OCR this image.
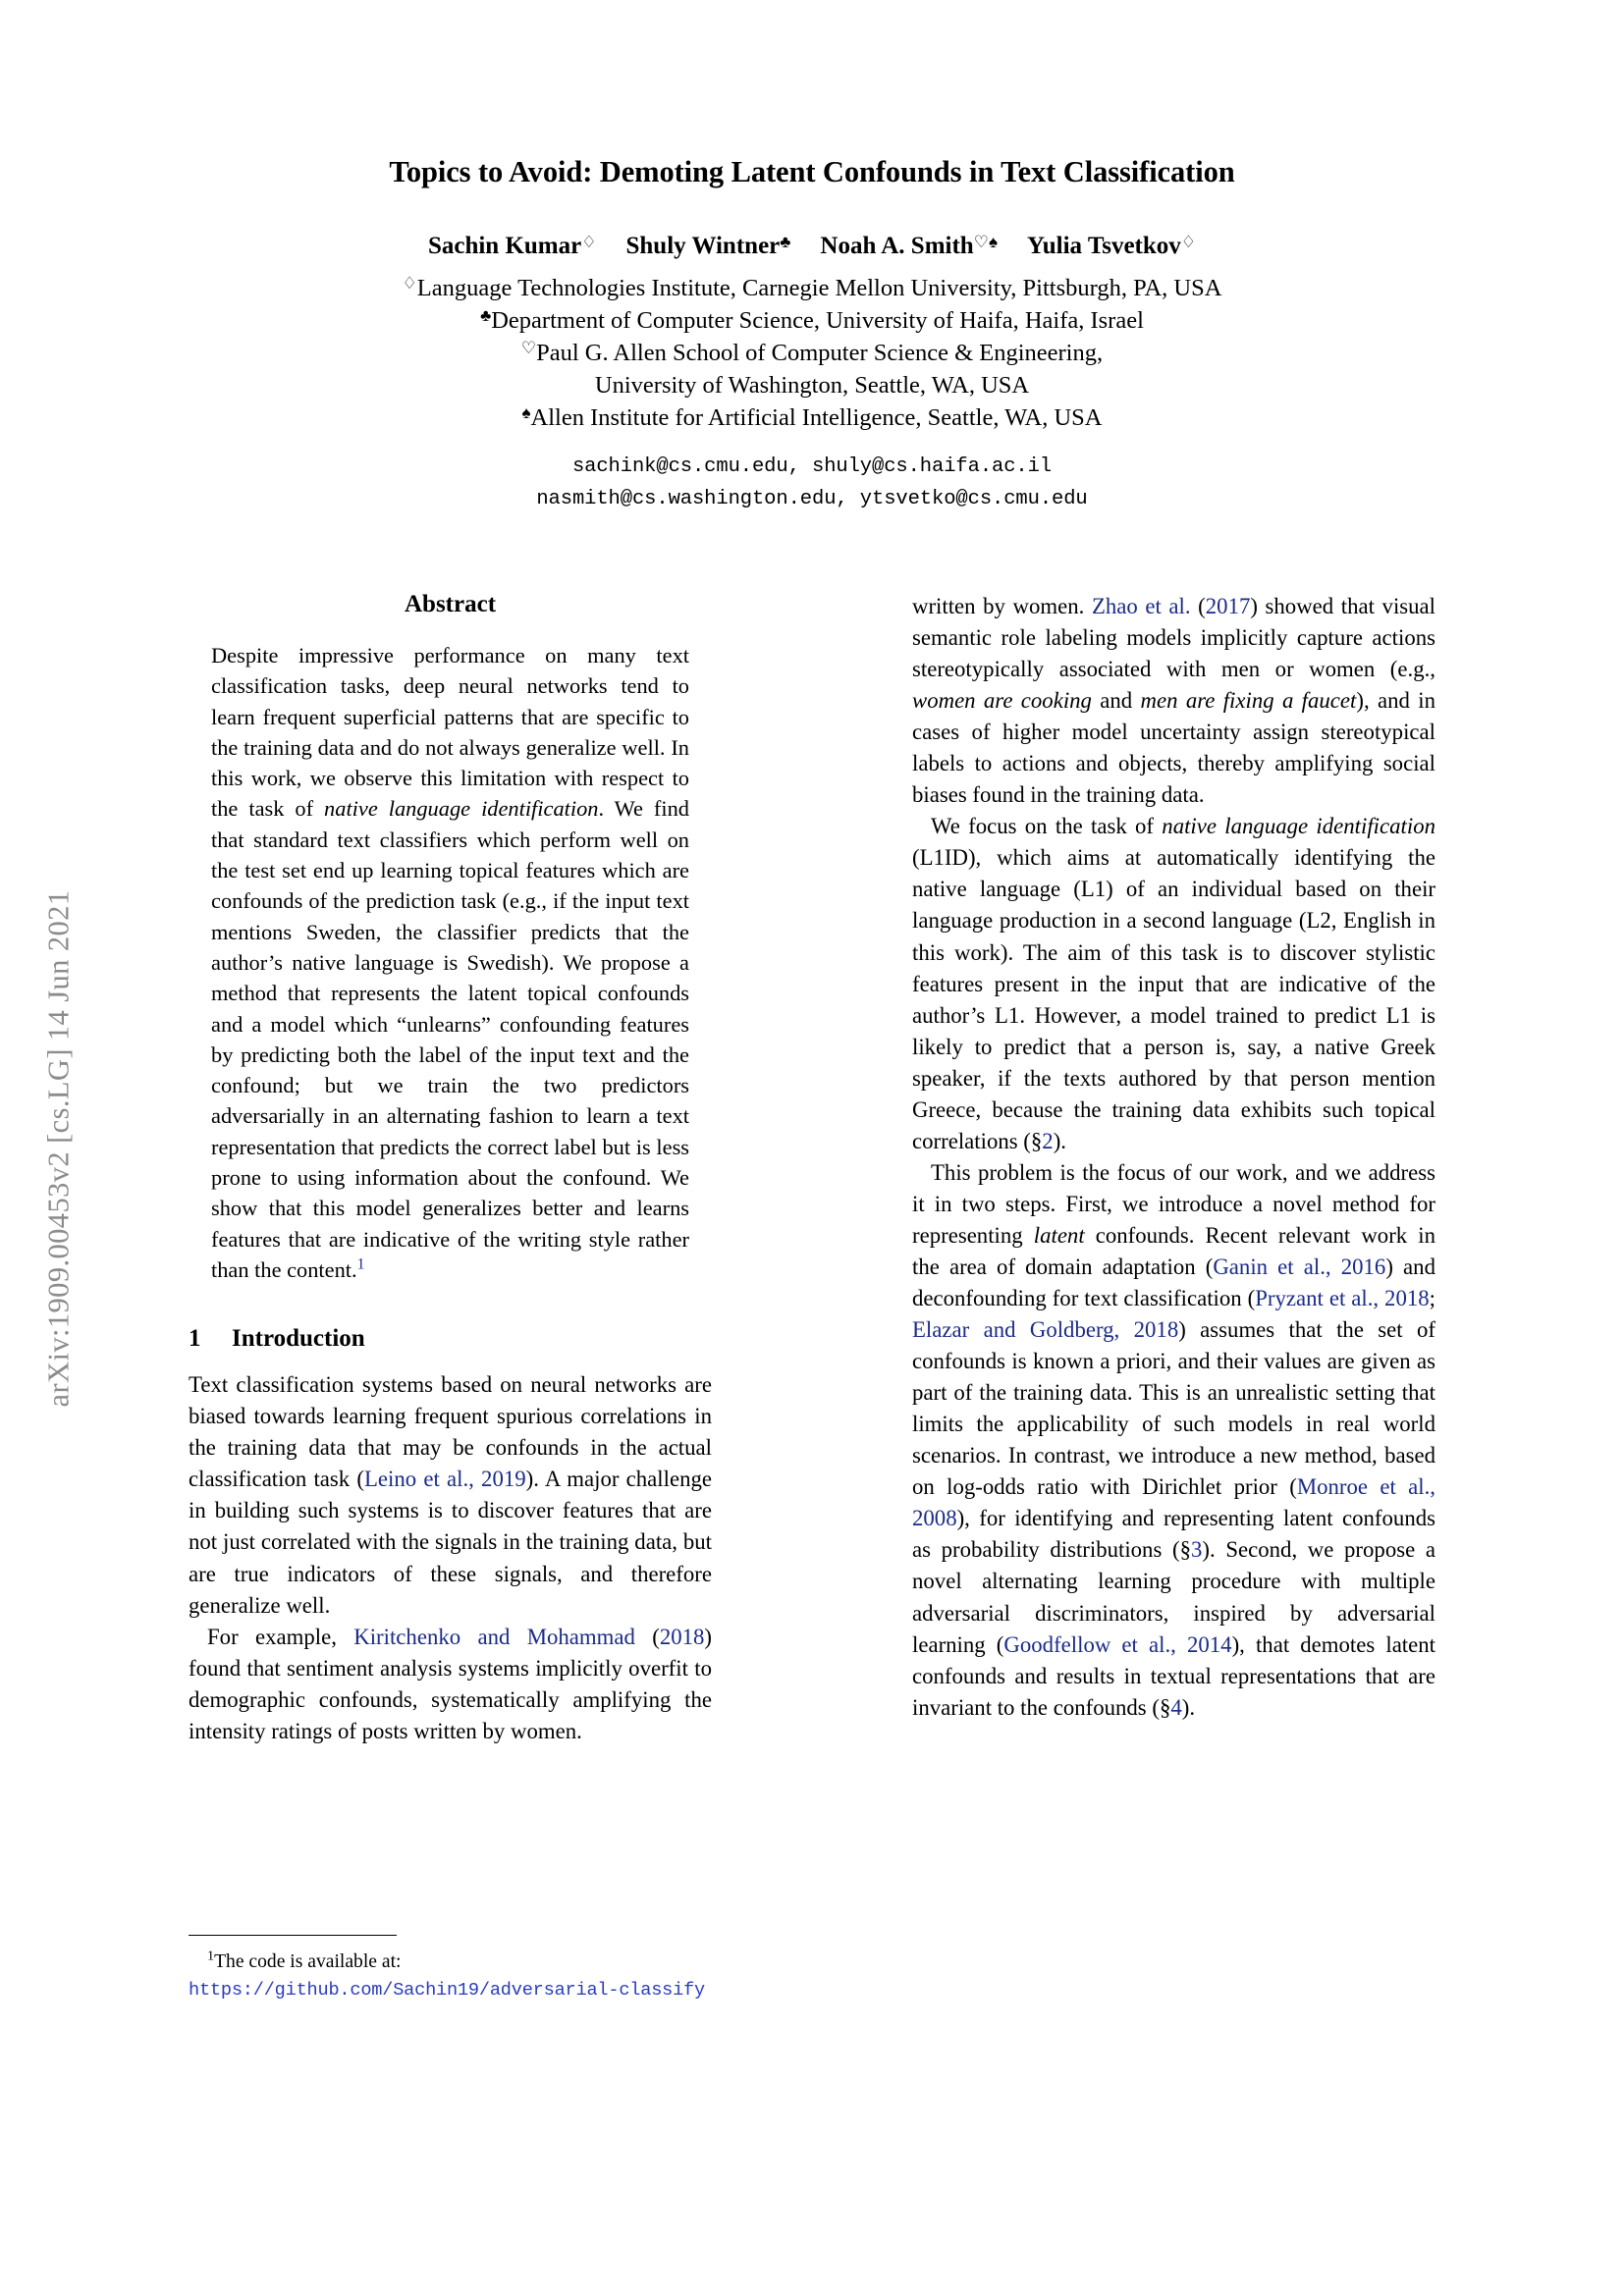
arXiv:1909.00453v2 [cs.LG] 14 Jun 2021
Topics to Avoid: Demoting Latent Confounds in Text Classification
Sachin Kumar♢ Shuly Wintner♣ Noah A. Smith♡♠ Yulia Tsvetkov♢
♢Language Technologies Institute, Carnegie Mellon University, Pittsburgh, PA, USA
♣Department of Computer Science, University of Haifa, Haifa, Israel
♡Paul G. Allen School of Computer Science & Engineering,
University of Washington, Seattle, WA, USA
♠Allen Institute for Artificial Intelligence, Seattle, WA, USA
sachink@cs.cmu.edu, shuly@cs.haifa.ac.il
nasmith@cs.washington.edu, ytsvetko@cs.cmu.edu
Abstract

Despite impressive performance on many text classification tasks, deep neural networks tend to learn frequent superficial patterns that are specific to the training data and do not always generalize well. In this work, we observe this limitation with respect to the task of native language identification. We find that standard text classifiers which perform well on the test set end up learning topical features which are confounds of the prediction task (e.g., if the input text mentions Sweden, the classifier predicts that the author’s native language is Swedish). We propose a method that represents the latent topical confounds and a model which “unlearns” confounding features by predicting both the label of the input text and the confound; but we train the two predictors adversarially in an alternating fashion to learn a text representation that predicts the correct label but is less prone to using information about the confound. We show that this model generalizes better and learns features that are indicative of the writing style rather than the content.$^1$

1 Introduction

Text classification systems based on neural networks are biased towards learning frequent spurious correlations in the training data that may be confounds in the actual classification task (Leino et al., 2019). A major challenge in building such systems is to discover features that are not just correlated with the signals in the training data, but are true indicators of these signals, and therefore generalize well.

For example, Kiritchenko and Mohammad (2018) found that sentiment analysis systems implicitly overfit to demographic confounds, systematically amplifying the intensity ratings of posts written by women.

$^1$The code is available at: https://github.com/Sachin19/adversarial-classify

written by women. Zhao et al. (2017) showed that visual semantic role labeling models implicitly capture actions stereotypically associated with men or women (e.g., women are cooking and men are fixing a faucet), and in cases of higher model uncertainty assign stereotypical labels to actions and objects, thereby amplifying social biases found in the training data.

We focus on the task of native language identification (L1ID), which aims at automatically identifying the native language (L1) of an individual based on their language production in a second language (L2, English in this work). The aim of this task is to discover stylistic features present in the input that are indicative of the author’s L1. However, a model trained to predict L1 is likely to predict that a person is, say, a native Greek speaker, if the texts authored by that person mention Greece, because the training data exhibits such topical correlations (§2).

This problem is the focus of our work, and we address it in two steps. First, we introduce a novel method for representing latent confounds. Recent relevant work in the area of domain adaptation (Ganin et al., 2016) and deconfounding for text classification (Pryzant et al., 2018; Elazar and Goldberg, 2018) assumes that the set of confounds is known a priori, and their values are given as part of the training data. This is an unrealistic setting that limits the applicability of such models in real world scenarios. In contrast, we introduce a new method, based on log-odds ratio with Dirichlet prior (Monroe et al., 2008), for identifying and representing latent confounds as probability distributions (§3). Second, we propose a novel alternating learning procedure with multiple adversarial discriminators, inspired by adversarial learning (Goodfellow et al., 2014), that demotes latent confounds and results in textual representations that are invariant to the confounds (§4).
